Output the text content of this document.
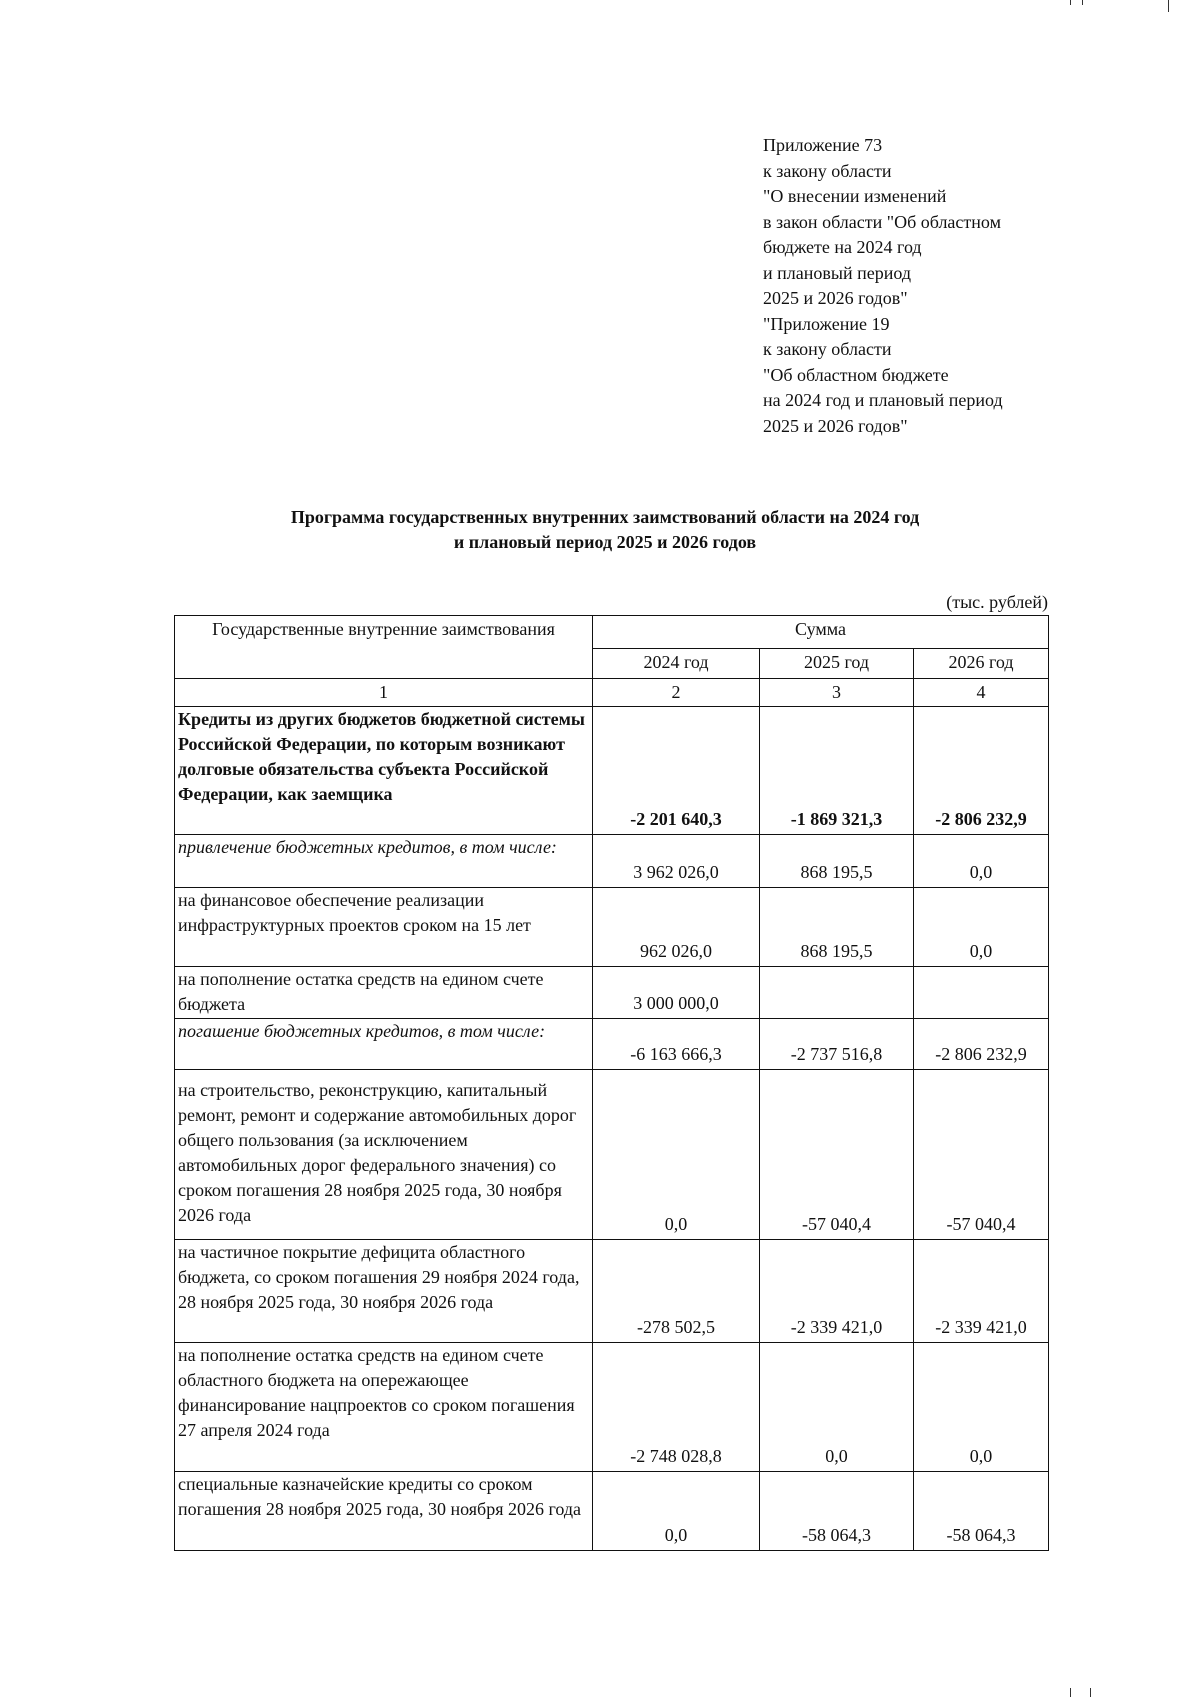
Приложение 73
к закону области
"О внесении изменений
в закон области "Об областном
бюджете на 2024 год
и плановый период
2025 и 2026 годов"
"Приложение 19
к закону области
"Об областном бюджете
на 2024 год и плановый период
2025 и 2026 годов"
Программа государственных внутренних заимствований области на 2024 год
и плановый период 2025 и 2026 годов
(тыс. рублей)
Государственные внутренние заимствования	Сумма		
	2024 год	2025 год	2026 год
1	2	3	4
Кредиты из других бюджетов бюджетной системы Российской Федерации, по которым возникают долговые обязательства субъекта Российской Федерации, как заемщика	-2 201 640,3	-1 869 321,3	-2 806 232,9
привлечение бюджетных кредитов, в том числе:	3 962 026,0	868 195,5	0,0
на финансовое обеспечение реализации инфраструктурных проектов сроком на 15 лет	962 026,0	868 195,5	0,0
на пополнение остатка средств на едином счете бюджета	3 000 000,0		
погашение бюджетных кредитов, в том числе:	-6 163 666,3	-2 737 516,8	-2 806 232,9
на строительство, реконструкцию, капитальный ремонт, ремонт и содержание автомобильных дорог общего пользования (за исключением автомобильных дорог федерального значения) со сроком погашения 28 ноября 2025 года, 30 ноября 2026 года	0,0	-57 040,4	-57 040,4
на частичное покрытие дефицита областного бюджета, со сроком погашения 29 ноября 2024 года, 28 ноября 2025 года, 30 ноября 2026 года	-278 502,5	-2 339 421,0	-2 339 421,0
на пополнение остатка средств на едином счете областного бюджета на опережающее финансирование нацпроектов со сроком погашения 27 апреля 2024 года	-2 748 028,8	0,0	0,0
специальные казначейские кредиты со сроком погашения 28 ноября 2025 года, 30 ноября 2026 года	0,0	-58 064,3	-58 064,3
